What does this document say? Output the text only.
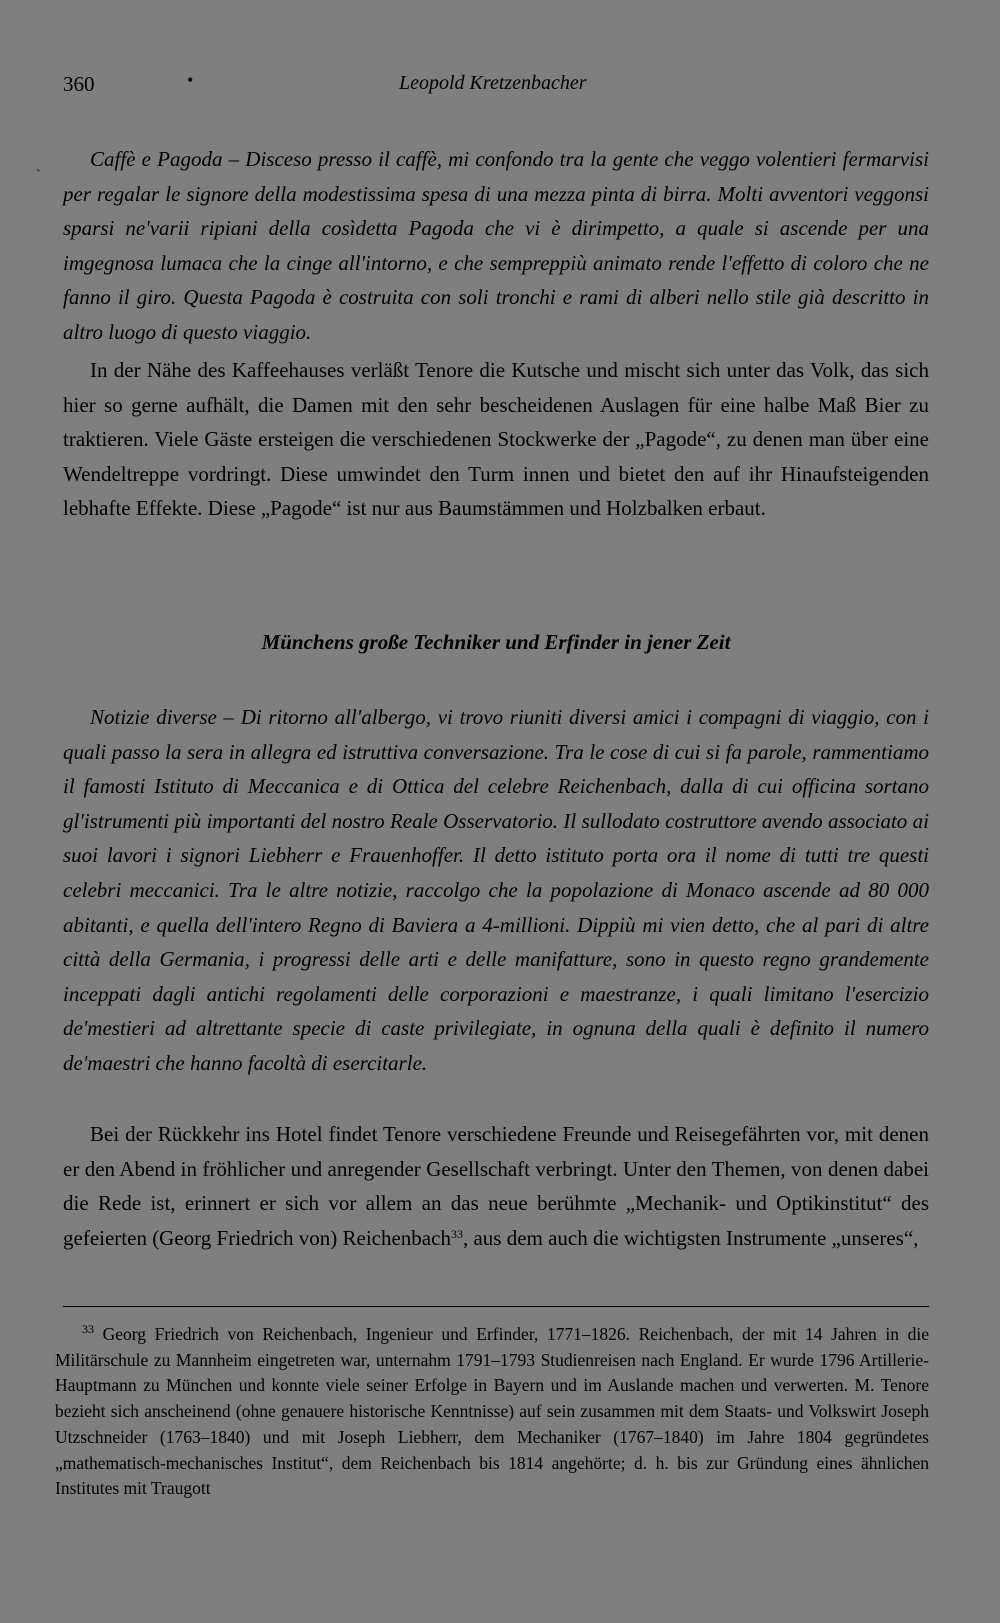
360	•	Leopold Kretzenbacher
`

Caffè e Pagoda – Disceso presso il caffè, mi confondo tra la gente che veggo volentieri fermarvisi per regalar le signore della modestissima spesa di una mezza pinta di birra. Molti avventori veggonsi sparsi ne'varii ripiani della cosìdetta Pagoda che vi è dirimpetto, a quale si ascende per una imgegnosa lumaca che la cinge all'intorno, e che sempreppiù animato rende l'effetto di coloro che ne fanno il giro. Questa Pagoda è costruita con soli tronchi e rami di alberi nello stile già descritto in altro luogo di questo viaggio.

In der Nähe des Kaffeehauses verläßt Tenore die Kutsche und mischt sich unter das Volk, das sich hier so gerne aufhält, die Damen mit den sehr bescheidenen Auslagen für eine halbe Maß Bier zu traktieren. Viele Gäste ersteigen die verschiedenen Stockwerke der „Pagode“, zu denen man über eine Wendeltreppe vordringt. Diese umwindet den Turm innen und bietet den auf ihr Hinaufsteigenden lebhafte Effekte. Diese „Pagode“ ist nur aus Baumstämmen und Holzbalken erbaut.

Münchens große Techniker und Erfinder in jener Zeit

Notizie diverse – Di ritorno all'albergo, vi trovo riuniti diversi amici i compagni di viaggio, con i quali passo la sera in allegra ed istruttiva conversazione. Tra le cose di cui si fa parole, rammentiamo il famosti Istituto di Meccanica e di Ottica del celebre Reichenbach, dalla di cui officina sortano gl'istrumenti più importanti del nostro Reale Osservatorio. Il sullodato costruttore avendo associato ai suoi lavori i signori Liebherr e Frauenhoffer. Il detto istituto porta ora il nome di tutti tre questi celebri meccanici. Tra le altre notizie, raccolgo che la popolazione di Monaco ascende ad 80 000 abitanti, e quella dell'intero Regno di Baviera a 4-millioni. Dippiù mi vien detto, che al pari di altre città della Germania, i progressi delle arti e delle manifatture, sono in questo regno grandemente inceppati dagli antichi regolamenti delle corporazioni e maestranze, i quali limitano l'esercizio de'mestieri ad altrettante specie di caste privilegiate, in ognuna della quali è definito il numero de'maestri che hanno facoltà di esercitarle.

Bei der Rückkehr ins Hotel findet Tenore verschiedene Freunde und Reisegefährten vor, mit denen er den Abend in fröhlicher und anregender Gesellschaft verbringt. Unter den Themen, von denen dabei die Rede ist, erinnert er sich vor allem an das neue berühmte „Mechanik- und Optikinstitut“ des gefeierten (Georg Friedrich von) Reichenbach$^{33}$, aus dem auch die wichtigsten Instrumente „unseres“,

$^{33}$ Georg Friedrich von Reichenbach, Ingenieur und Erfinder, 1771–1826. Reichenbach, der mit 14 Jahren in die Militärschule zu Mannheim eingetreten war, unternahm 1791–1793 Studienreisen nach England. Er wurde 1796 Artillerie-Hauptmann zu München und konnte viele seiner Erfolge in Bayern und im Auslande machen und verwerten. M. Tenore bezieht sich anscheinend (ohne genauere historische Kenntnisse) auf sein zusammen mit dem Staats- und Volkswirt Joseph Utzschneider (1763–1840) und mit Joseph Liebherr, dem Mechaniker (1767–1840) im Jahre 1804 gegründetes „mathematisch-mechanisches Institut“, dem Reichenbach bis 1814 angehörte; d. h. bis zur Gründung eines ähnlichen Institutes mit Traugott
